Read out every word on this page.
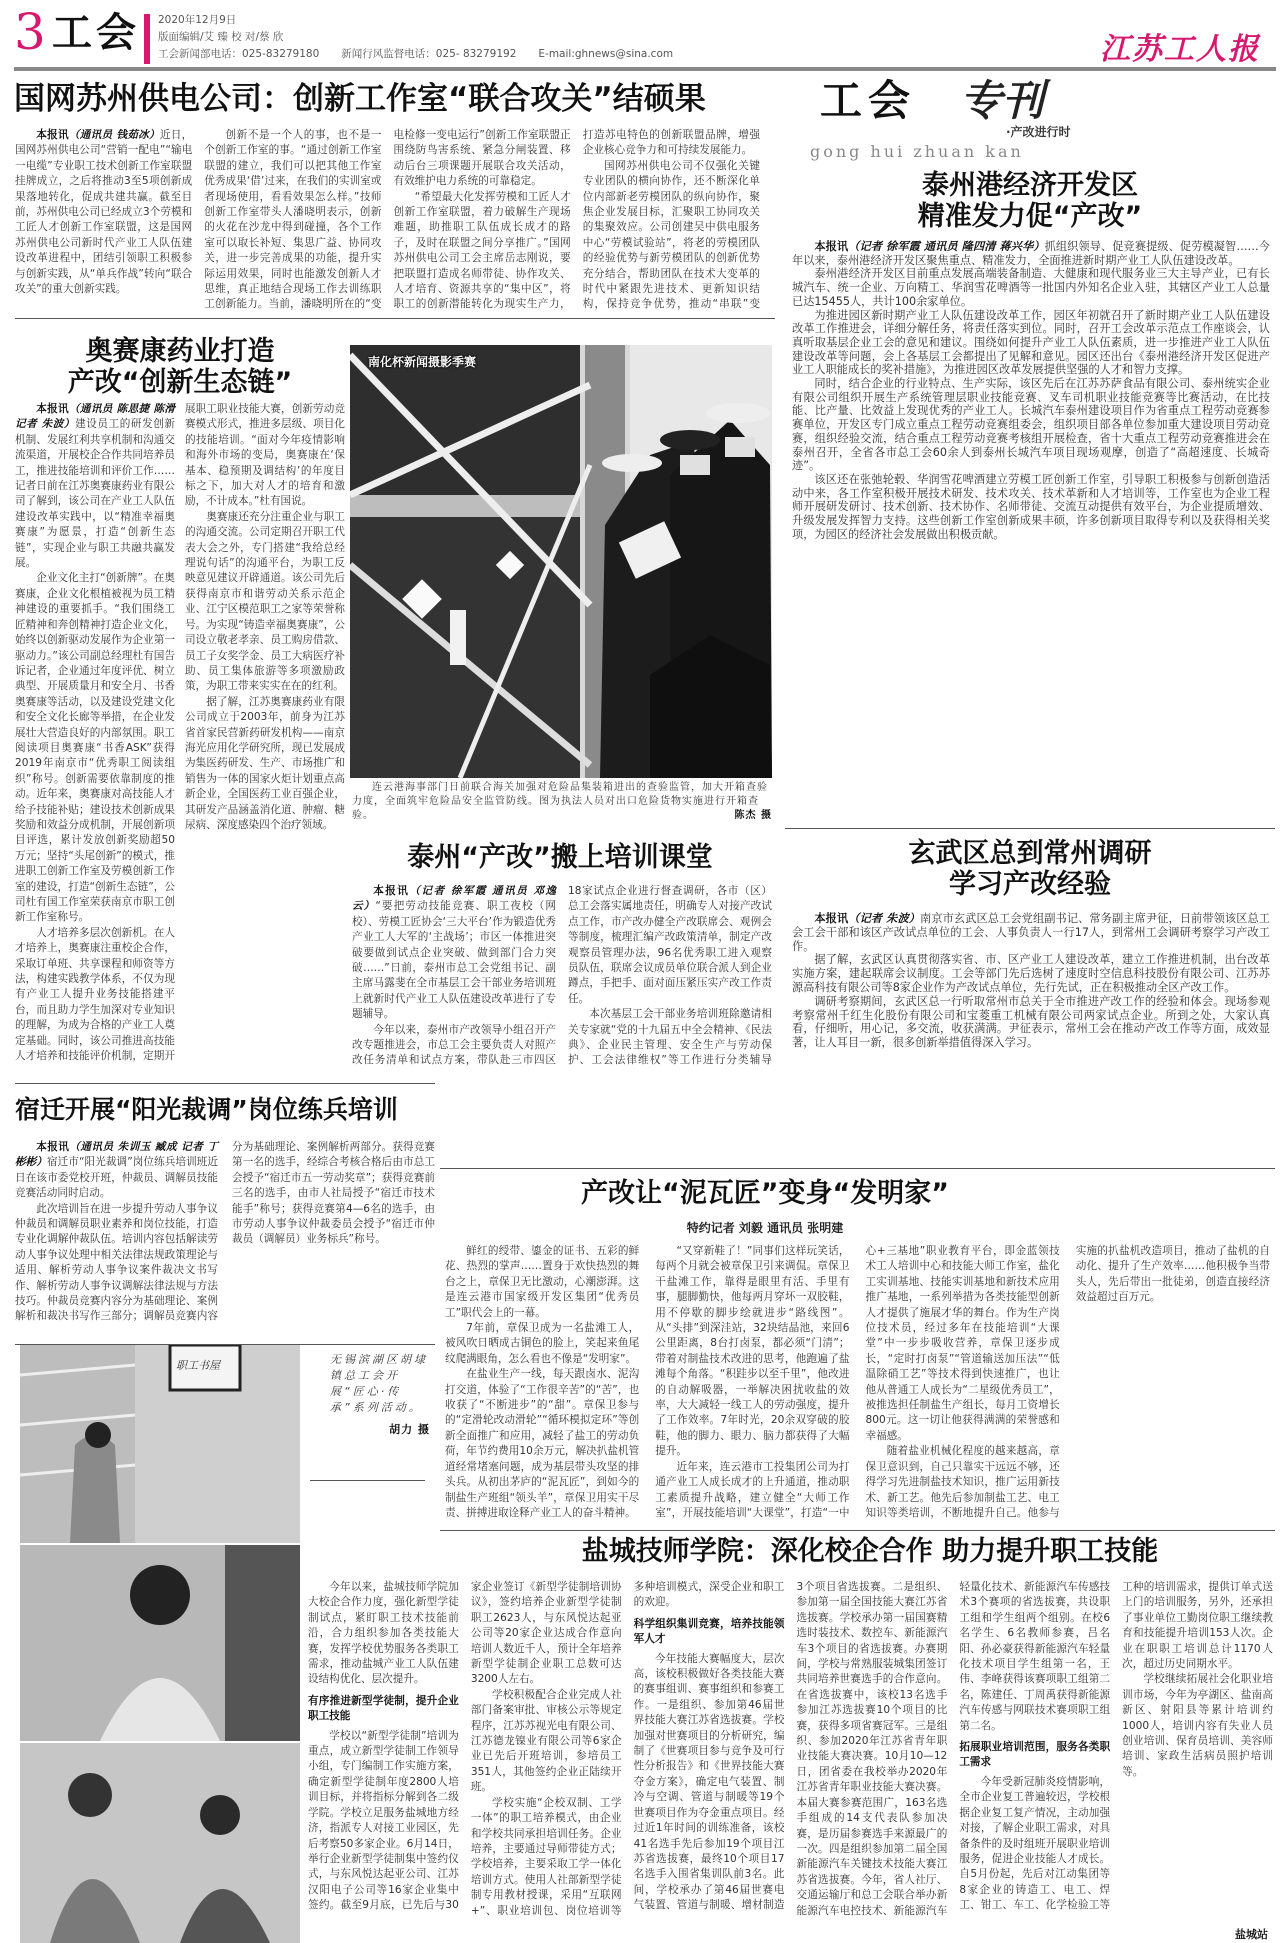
3 工会 2020年12月9日
版面编辑/艾 臻 校 对/蔡 欣
工会新闻部电话：025-83279180 新闻行风监督电话：025- 83279192 E-mail:ghnews@sina.com	江苏工人报
国网苏州供电公司：创新工作室“联合攻关”结硕果

本报讯（通讯员 钱茹冰）近日，国网苏州供电公司“营销一配电”“输电一电缆”专业职工技术创新工作室联盟挂牌成立，之后将推动3至5项创新成果落地转化，促成共建共赢。截至目前，苏州供电公司已经成立3个劳模和工匠人才创新工作室联盟，这是国网苏州供电公司新时代产业工人队伍建设改革进程中，团结引领职工积极参与创新实践，从“单兵作战”转向“联合攻关”的重大创新实践。

创新不是一个人的事，也不是一个创新工作室的事。“通过创新工作室联盟的建立，我们可以把其他工作室优秀成果‘借’过来，在我们的实训室或者现场使用，看看效果怎么样。”技师创新工作室带头人潘晓明表示，创新的火花在沙龙中得到碰撞，各个工作室可以取长补短、集思广益、协同攻关，进一步完善成果的功能，提升实际运用效果，同时也能激发创新人才思维，真正地结合现场工作去训练职工创新能力。当前，潘晓明所在的“变电检修一变电运行”创新工作室联盟正围绕防鸟害系统、紧急分闸装置、移动后台三项课题开展联合攻关活动，有效维护电力系统的可靠稳定。

“希望最大化发挥劳模和工匠人才创新工作室联盟，着力破解生产现场难题，助推职工队伍成长成才的路子，及时在联盟之间分享推广。”国网苏州供电公司工会主席岳志刚说，要把联盟打造成名师带徒、协作攻关、人才培育、资源共享的“集中区”，将职工的创新潜能转化为现实生产力，打造苏电特色的创新联盟品牌，增强企业核心竞争力和可持续发展能力。

国网苏州供电公司不仅强化关键专业团队的横向协作，还不断深化单位内部新老劳模团队的纵向协作，聚焦企业发展目标，汇聚职工协同攻关的集聚效应。公司创建吴中供电服务中心“劳模试验站”，将老的劳模团队的经验优势与新劳模团队的创新优势充分结合，帮助团队在技术大变革的时代中紧跟先进技术、更新知识结构，保持竞争优势，推动“串联”变

工会 专刊
·产改进行时
gong hui zhuan kan
泰州港经济开发区
精准发力促“产改”

本报讯（记者 徐军霞 通讯员 隆四清 蒋兴华）抓组织领导、促竞赛提级、促劳模凝智……今年以来，泰州港经济开发区聚焦重点、精准发力，全面推进新时期产业工人队伍建设改革。

泰州港经济开发区目前重点发展高端装备制造、大健康和现代服务业三大主导产业，已有长城汽车、统一企业、万向精工、华润雪花啤酒等一批国内外知名企业入驻，其辖区产业工人总量已达15455人，共计100余家单位。

为推进园区新时期产业工人队伍建设改革工作，园区年初就召开了新时期产业工人队伍建设改革工作推进会，详细分解任务，将责任落实到位。同时，召开工会改革示范点工作座谈会，认真听取基层企业工会的意见和建议。围绕如何提升产业工人队伍素质，进一步推进产业工人队伍建设改革等问题，会上各基层工会都提出了见解和意见。园区还出台《泰州港经济开发区促进产业工人职能成长的奖补措施》，为推进园区改革发展提供坚强的人才和智力支撑。

同时，结合企业的行业特点、生产实际，该区先后在江苏苏萨食品有限公司、泰州统实企业有限公司组织开展生产系统管理层职业技能竞赛、叉车司机职业技能竞赛等比赛活动，在比技能、比产量、比效益上发现优秀的产业工人。长城汽车泰州建设项目作为省重点工程劳动竞赛参赛单位，开发区专门成立重点工程劳动竞赛组委会，组织项目部各单位参加重大建设项目劳动竞赛，组织经验交流，结合重点工程劳动竞赛考核组开展检查，省十大重点工程劳动竞赛推进会在泰州召开，全省各市总工会60余人到泰州长城汽车项目现场观摩，创造了“高超速度、长城奇迹”。

该区还在张弛轮毂、华润雪花啤酒建立劳模工匠创新工作室，引导职工积极参与创新创造活动中来，各工作室积极开展技术研发、技术攻关、技术革新和人才培训等，工作室也为企业工程师开展研发研讨、技术创新、技术协作、名师带徒、交流互动提供有效平台，为企业提质增效、升级发展发挥智力支持。这些创新工作室创新成果丰硕，许多创新项目取得专利以及获得相关奖项，为园区的经济社会发展做出积极贡献。

奥赛康药业打造
产改“创新生态链”

本报讯（通讯员 陈思捷 陈滑 记者 朱波）建设员工的研发创新机制、发展红利共享机制和沟通交流渠道，开展校企合作共同培养员工，推进技能培训和评价工作……记者日前在江苏奥赛康药业有限公司了解到，该公司在产业工人队伍建设改革实践中，以“精准幸福奥赛康”为愿景，打造“创新生态链”，实现企业与职工共融共赢发展。

企业文化主打“创新牌”。在奥赛康，企业文化根植被视为员工精神建设的重要抓手。“我们围绕工匠精神和奔创精神打造企业文化，始终以创新驱动发展作为企业第一驱动力。”该公司副总经理杜有国告诉记者，企业通过年度评优、树立典型、开展质量月和安全月、书香奥赛康等活动，以及建设党建文化和安全文化长廊等举措，在企业发展壮大营造良好的内部氛围。职工阅读项目奥赛康“书香ASK”获得2019年南京市“优秀职工阅读组织”称号。创新需要依靠制度的推动。近年来，奥赛康对高技能人才给予技能补贴；建设技术创新成果奖励和效益分成机制，开展创新项目评选，累计发放创新奖励超50万元；坚持“头尾创新”的模式，推进职工创新工作室及劳模创新工作室的建设，打造“创新生态链”，公司杜有国工作室荣获南京市职工创新工作室称号。

人才培养多层次创新机。在人才培养上，奥赛康注重校企合作，采取订单班、共享课程和师资等方法，构建实践教学体系，不仅为现有产业工人提升业务技能搭建平台，而且助力学生加深对专业知识的理解，为成为合格的产业工人奠定基础。同时，该公司推进高技能人才培养和技能评价机制，定期开展职工职业技能大赛，创新劳动竞赛模式形式，推进多层级、项目化的技能培训。“面对今年疫情影响和海外市场的变局，奥赛康在‘保基本、稳预期及调结构’的年度目标之下，加大对人才的培育和激励，不计成本。”杜有国说。

奥赛康还充分注重企业与职工的沟通交流。公司定期召开职工代表大会之外，专门搭建“我给总经理说句话”的沟通平台，为职工反映意见建议开辟通道。该公司先后获得南京市和谐劳动关系示范企业、江宁区模范职工之家等荣誉称号。为实现“铸造幸福奥赛康”，公司设立敬老孝亲、员工购房借款、员工子女奖学金、员工大病医疗补助、员工集体旅游等多项激励政策，为职工带来实实在在的红利。

据了解，江苏奥赛康药业有限公司成立于2003年，前身为江苏省首家民营新药研发机构——南京海光应用化学研究所，现已发展成为集医药研发、生产、市场推广和销售为一体的国家火炬计划重点高新企业，全国医药工业百强企业，其研发产品涵盖消化道、肿瘤、糖尿病、深度感染四个治疗领域。

南化杯新闻摄影季赛
连云港海事部门日前联合海关加强对危险品集装箱进出的查验监管，加大开箱查验力度，全面筑牢危险品安全监管防线。图为执法人员对出口危险货物实施进行开箱查验。	陈杰 摄
泰州“产改”搬上培训课堂

本报讯（记者 徐军霞 通讯员 邓逸云）“要把劳动技能竞赛、职工夜校（网校）、劳模工匠协会‘三大平台’作为锻造优秀产业工人大军的‘主战场’；市区一体推进突破要做到试点企业突破、做到部门合力突破……”日前，泰州市总工会党组书记、副主席马露斐在全市基层工会干部业务培训班上就新时代产业工人队伍建设改革进行了专题辅导。

今年以来，泰州市产改领导小组召开产改专题推进会，市总工会主要负责人对照产改任务清单和试点方案，带队赴三市四区18家试点企业进行督查调研，各市（区）总工会落实属地责任，明确专人对接产改试点工作，市产改办健全产改联席会、观例会等制度，梳理汇编产改政策清单，制定产改观察员管理办法，96名优秀职工进入观察员队伍，联席会议成员单位联合派人到企业蹲点，手把手、面对面压紧压实产改工作责任。

本次基层工会干部业务培训班除邀请相关专家就“党的十九届五中全会精神、《民法典》、企业民主管理、安全生产与劳动保护、工会法律维权”等工作进行分类辅导

玄武区总到常州调研
学习产改经验

本报讯（记者 朱波）南京市玄武区总工会党组副书记、常务副主席尹征，日前带领该区总工会工会干部和该区产改试点单位的工会、人事负责人一行17人，到常州工会调研考察学习产改工作。

据了解，玄武区认真贯彻落实省、市、区产业工人建设改革，建立工作推进机制，出台改革实施方案，建起联席会议制度。工会等部门先后选树了速度时空信息科技股份有限公司、江苏苏源高科技有限公司等8家企业作为产改试点单位，先行先试，正在积极推动全区产改工作。

调研考察期间，玄武区总一行听取常州市总关于全市推进产改工作的经验和体会。现场参观考察常州千红生化股份有限公司和宝菱重工机械有限公司两家试点企业。所到之处，大家认真看，仔细听，用心记，多交流，收获满满。尹征表示，常州工会在推动产改工作等方面，成效显著，让人耳目一新，很多创新举措值得深入学习。

宿迁开展“阳光裁调”岗位练兵培训

本报讯（通讯员 朱训玉 臧成 记者 丁彬彬）宿迁市“阳光裁调”岗位练兵培训班近日在该市委党校开班，仲裁员、调解员技能竞赛活动同时启动。

此次培训旨在进一步提升劳动人事争议仲裁员和调解员职业素养和岗位技能，打造专业化调解仲裁队伍。培训内容包括解读劳动人事争议处理中相关法律法规政策理论与适用、解析劳动人事争议案件裁决文书写作、解析劳动人事争议调解法律法规与方法技巧。仲裁员竞赛内容分为基础理论、案例解析和裁决书写作三部分；调解员竞赛内容分为基础理论、案例解析两部分。获得竞赛第一名的选手，经综合考核合格后由市总工会授予“宿迁市五一劳动奖章”；获得竞赛前三名的选手，由市人社局授予“宿迁市技术能手”称号；获得竞赛第4—6名的选手，由市劳动人事争议仲裁委员会授予“宿迁市仲裁员（调解员）业务标兵”称号。

产改让“泥瓦匠”变身“发明家”
特约记者 刘毅 通讯员 张明建

鲜红的绶带、鎏金的证书、五彩的鲜花、热烈的掌声……置身于欢快热烈的舞台之上，章保卫无比激动，心潮澎湃。这是连云港市国家级开发区集团“优秀员工”职代会上的一幕。

7年前，章保卫成为一名盐滩工人，被风吹日晒成古铜色的脸上，笑起来鱼尾纹爬满眼角，怎么看也不像是“发明家”。

在盐业生产一线，每天跟卤水、泥沟打交道，体验了“工作很辛苦”的“苦”，也收获了“不断进步”的“甜”。章保卫参与的“定滑轮改动滑轮”“循环模拟定环”等创新全面推广和应用，减轻了盐工的劳动负荷，年节约费用10余万元，解决扒盐机管道经常堵塞问题，成为基层带头攻坚的排头兵。从初出茅庐的“泥瓦匠”，到如今的制盐生产班组“领头羊”，章保卫用实干尽责、拼搏进取诠释产业工人的奋斗精神。

“又穿新鞋了！”同事们这样玩笑话，每两个月就会被章保卫引来调侃。章保卫干盐滩工作，靠得是眼里有活、手里有事，腿脚勤快，他每两月穿坏一双胶鞋，用不停歇的脚步绘就进步“路线图”。从“头排”到深洼站，32块结晶池，来回6公里距离，8台打卤泵，都必须“门清”；带着对制盐技术改进的思考，他跑遍了盐滩每个角落。“积跬步以至千里”，他改进的自动解吸器，一举解决困扰收盐的效率，大大减轻一线工人的劳动强度，提升了工作效率。7年时光，20余双穿破的胶鞋，他的脚力、眼力、脑力都获得了大幅提升。

近年来，连云港市工投集团公司为打通产业工人成长成才的上升通道，推动职工素质提升战略，建立健全“大师工作室”，开展技能培训“大课堂”，打造“一中心+三基地”职业教育平台，即金蓝领技术工人培训中心和技能大师工作室，盐化工实训基地、技能实训基地和新技术应用推广基地，一系列举措为各类技能型创新人才提供了施展才华的舞台。作为生产岗位技术员，经过多年在技能培训“大课堂”中一步步吸收营养，章保卫逐步成长，“定时打卤泵”“管道输送加压法”“低温除硝工艺”等技术得到快速推广，也让他从普通工人成长为“二星级优秀员工”，被推选担任制盐生产组长，每月工资增长800元。这一切让他获得满满的荣誉感和幸福感。

随着盐业机械化程度的越来越高，章保卫意识到，自己只靠实干远远不够，还得学习先进制盐技术知识，推广运用新技术、新工艺。他先后参加制盐工艺、电工知识等类培训，不断地提升自己。他参与实施的扒盐机改造项目，推动了盐机的自动化、提升了生产效率……他积极争当带头人，先后带出一批徒弟，创造直接经济效益超过百万元。

职工书屋	无锡滨湖区胡埭镇总工会开展“匠心·传承”系列活动。
胡力 摄
盐城技师学院：深化校企合作 助力提升职工技能

今年以来，盐城技师学院加大校企合作力度，强化新型学徒制试点，紧盯职工技术技能前沿，合力组织参加各类技能大赛，发挥学校优势服务各类职工需求，推动盐城产业工人队伍建设结构优化、层次提升。

有序推进新型学徒制，提升企业职工技能

学校以“新型学徒制”培训为重点，成立新型学徒制工作领导小组，专门编制工作实施方案，确定新型学徒制年度2800人培训目标，并将指标分解到各二级学院。学校立足服务盐城地方经济，指派专人对接工业园区，先后考察50多家企业。6月14日，举行企业新型学徒制集中签约仪式，与东风悦达起亚公司、江苏汉阳电子公司等16家企业集中签约。截至9月底，已先后与30家企业签订《新型学徒制培训协议》，签约培养企业新型学徒制职工2623人，与东风悦达起亚公司等20家企业达成合作意向培训人数近千人，预计全年培养新型学徒制企业职工总数可达3200人左右。

学校积极配合企业完成人社部门备案审批、审核公示等规定程序，江苏苏视光电有限公司、江苏德龙镍业有限公司等6家企业已先后开班培训，参培员工351人，其他签约企业正陆续开班。

学校实施“企校双制、工学一体”的职工培养模式，由企业和学校共同承担培训任务。企业培养，主要通过导师带徒方式；学校培养，主要采取工学一体化培训方式。使用人社部新型学徒制专用教材授课，采用“互联网+”、职业培训包、岗位培训等多种培训模式，深受企业和职工的欢迎。

科学组织集训竞赛，培养技能领军人才

今年技能大赛幅度大，层次高，该校积极做好各类技能大赛的赛事组训、赛事组织和参赛工作。一是组织、参加第46届世界技能大赛江苏省选拔赛。学校加强对世赛项目的分析研究，编制了《世赛项目参与竞争及可行性分析报告》和《世界技能大赛夺金方案》，确定电气装置、制冷与空调、管道与制暖等19个世赛项目作为夺金重点项目。经过近1年时间的训练准备，该校41名选手先后参加19个项目江苏省选拔赛，最终10个项目17名选手入围省集训队前3名。此间，学校承办了第46届世赛电气装置、管道与制暖、增材制造3个项目省选拔赛。二是组织、参加第一届全国技能大赛江苏省选拔赛。学校承办第一届国赛精选时装技术、数控车、新能源汽车3个项目的省选拔赛。办赛期间，学校与常熟服装城集团签订共同培养世赛选手的合作意向。在省选拔赛中，该校13名选手参加江苏选拔赛10个项目的比赛，获得多项省赛冠军。三是组织、参加2020年江苏省青年职业技能大赛决赛。10月10—12日，团省委在我校举办2020年江苏省青年职业技能大赛决赛。本届大赛参赛范围广，163名选手组成的14支代表队参加决赛，是历届参赛选手来源最广的一次。四是组织参加第二届全国新能源汽车关键技术技能大赛江苏省选拔赛。今年，省人社厅、交通运输厅和总工会联合举办新能源汽车电控技术、新能源汽车轻量化技术、新能源汽车传感技术3个赛项的省选拔赛，共设职工组和学生组两个组别。在校6名学生、6名教师参赛，吕名阳、孙必豪获得新能源汽车轻量化技术项目学生组第一名，王伟、李峰获得该赛项职工组第二名，陈建任、丁周禹获得新能源汽车传感与网联技术赛项职工组第二名。

拓展职业培训范围，服务各类职工需求

今年受新冠肺炎疫情影响，全市企业复工普遍较迟，学校根据企业复工复产情况，主动加强对接，了解企业职工需求，对具备条件的及时组班开展职业培训服务，促进企业技能人才成长。自5月份起，先后对江动集团等8家企业的铸造工、电工、焊工、钳工、车工、化学检验工等工种的培训需求，提供订单式送上门的培训服务，另外，还承担了事业单位工勤岗位职工继续教育和技能提升培训153人次。企业在职职工培训总计1170人次，超过历史同期水平。

学校继续拓展社会化职业培训市场，今年为亭湖区、盐南高新区、射阳县等累计培训约1000人，培训内容有失业人员创业培训、保育员培训、美容师培训、家政生活病员照护培训等。

盐城站
